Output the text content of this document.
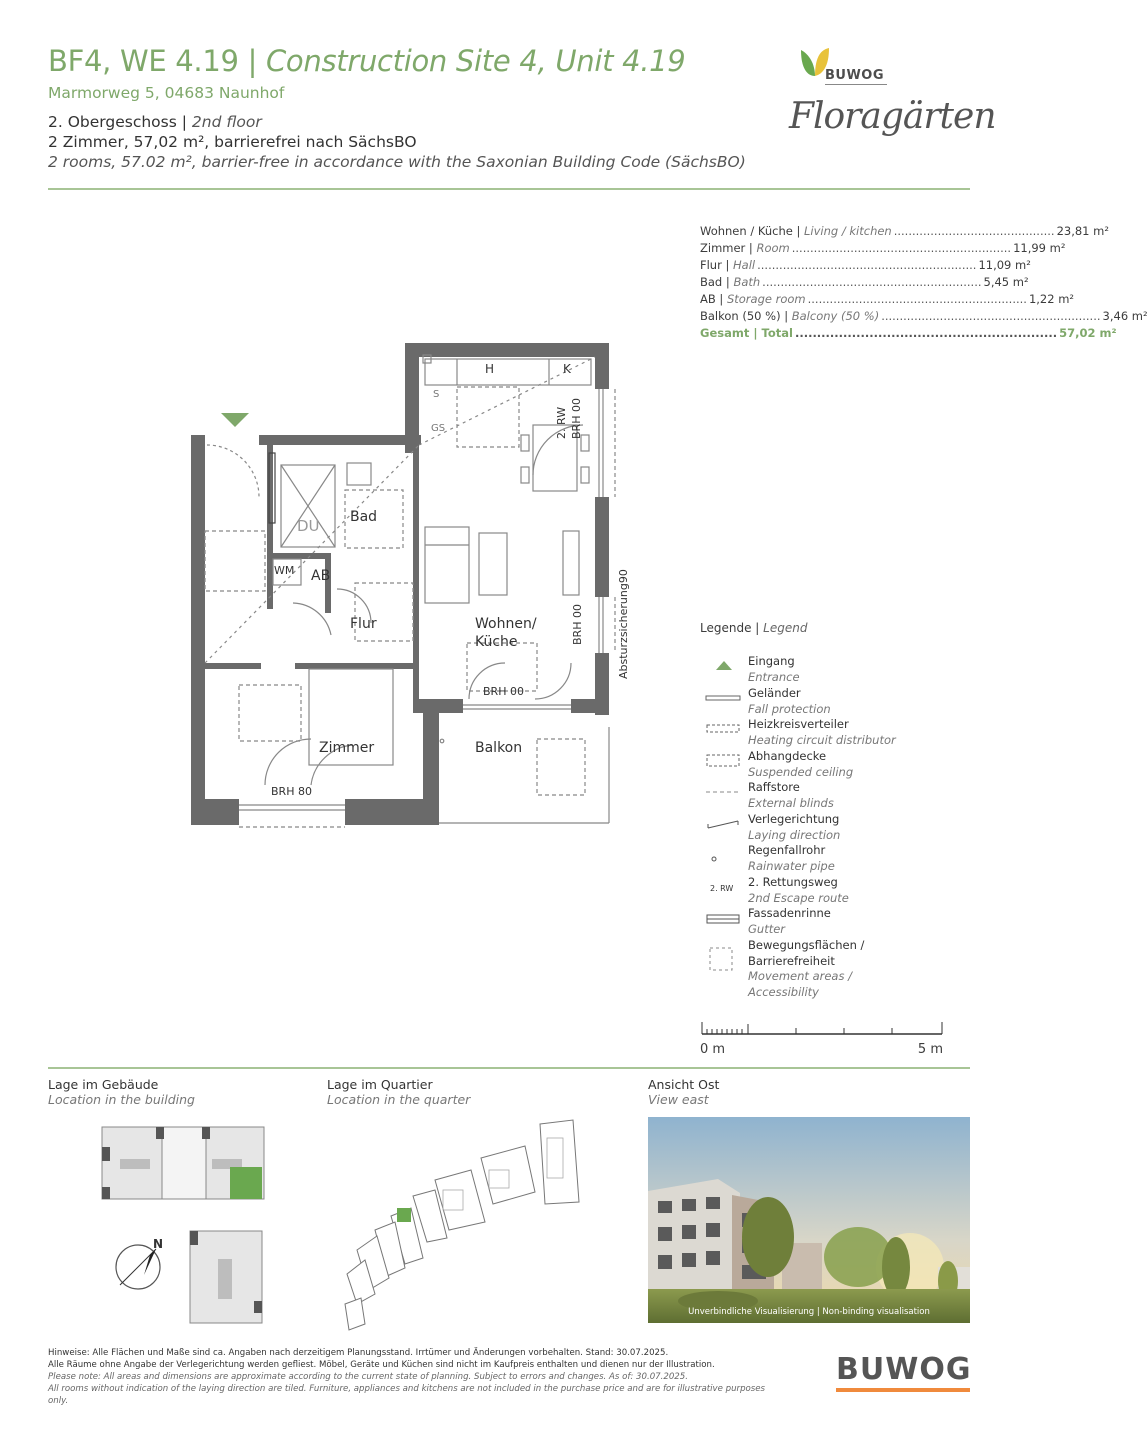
BF4, WE 4.19 | Construction Site 4, Unit 4.19
Marmorweg 5, 04683 Naunhof
2. Obergeschoss | 2nd floor
2 Zimmer, 57,02 m², barrierefrei nach SächsBO
2 rooms, 57.02 m², barrier-free in accordance with the Saxonian Building Code (SächsBO)
BUWOG
Floragärten
Wohnen / Küche | Living / kitchen ............................................ 23,81 m²
Zimmer | Room ............................................................ 11,99 m²
Flur | Hall ............................................................ 11,09 m²
Bad | Bath ............................................................ 5,45 m²
AB | Storage room ............................................................ 1,22 m²
Balkon (50 %) | Balcony (50 %) ............................................................ 3,46 m²
Gesamt | Total ............................................................ 57,02 m²
DU Bad
WM AB
Flur	Wohnen/
Küche
Zimmer	Balkon
H	K
S
GS
BRH 00
BRH 80
2. RW BRH 00
BRH 00	Absturzsicherung90	Legende | Legend
Eingang
Entrance
Geländer
Fall protection
Heizkreisverteiler
Heating circuit distributor
Abhangdecke
Suspended ceiling
Raffstore
External blinds
Verlegerichtung
Laying direction
Regenfallrohr
Rainwater pipe
2. RW	2. Rettungsweg
2nd Escape route
Fassadenrinne
Gutter
Bewegungsflächen / Barrierefreiheit
Movement areas / Accessibility
0 m	5 m
Lage im Gebäude
Location in the building
Lage im Quartier
Location in the quarter
Ansicht Ost
View east
N
Unverbindliche Visualisierung | Non-binding visualisation
Hinweise: Alle Flächen und Maße sind ca. Angaben nach derzeitigem Planungsstand. Irrtümer und Änderungen vorbehalten. Stand: 30.07.2025.
Alle Räume ohne Angabe der Verlegerichtung werden gefliest. Möbel, Geräte und Küchen sind nicht im Kaufpreis enthalten und dienen nur der Illustration.
Please note: All areas and dimensions are approximate according to the current state of planning. Subject to errors and changes. As of: 30.07.2025.
All rooms without indication of the laying direction are tiled. Furniture, appliances and kitchens are not included in the purchase price and are for illustrative purposes only.
BUWOG
